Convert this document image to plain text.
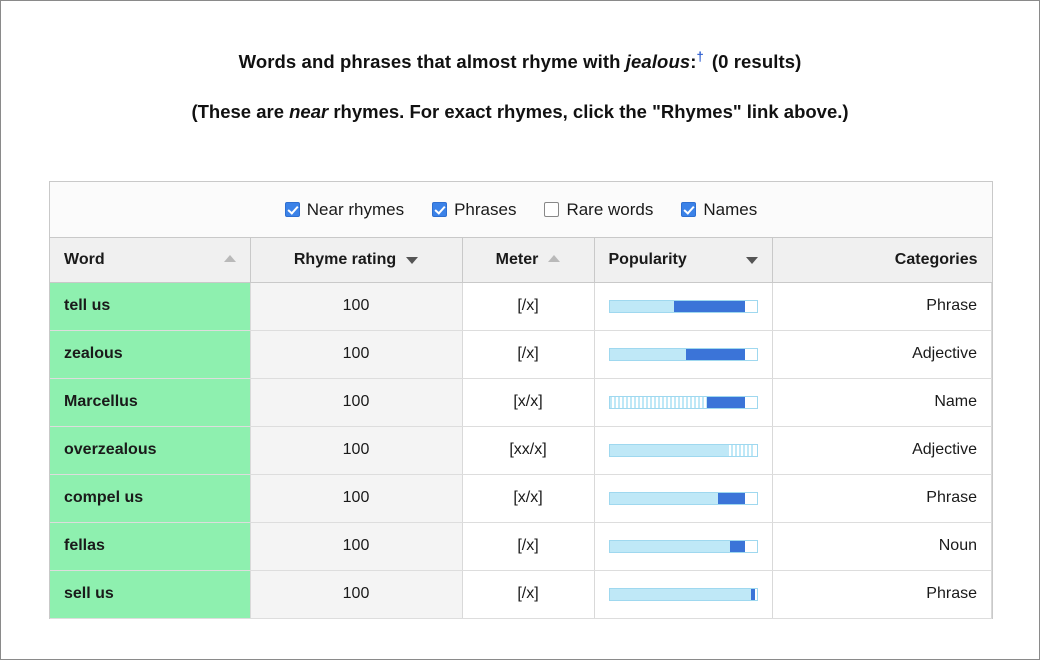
Words and phrases that almost rhyme with jealous:† (0 results)
(These are near rhymes. For exact rhymes, click the "Rhymes" link above.)
Near rhymes	Phrases	Rare words	Names
Word	Rhyme rating	Meter	Popularity	Categories
tell us	100	[/x]		Phrase
zealous	100	[/x]		Adjective
Marcellus	100	[x/x]		Name
overzealous	100	[xx/x]		Adjective
compel us	100	[x/x]		Phrase
fellas	100	[/x]		Noun
sell us	100	[/x]		Phrase
